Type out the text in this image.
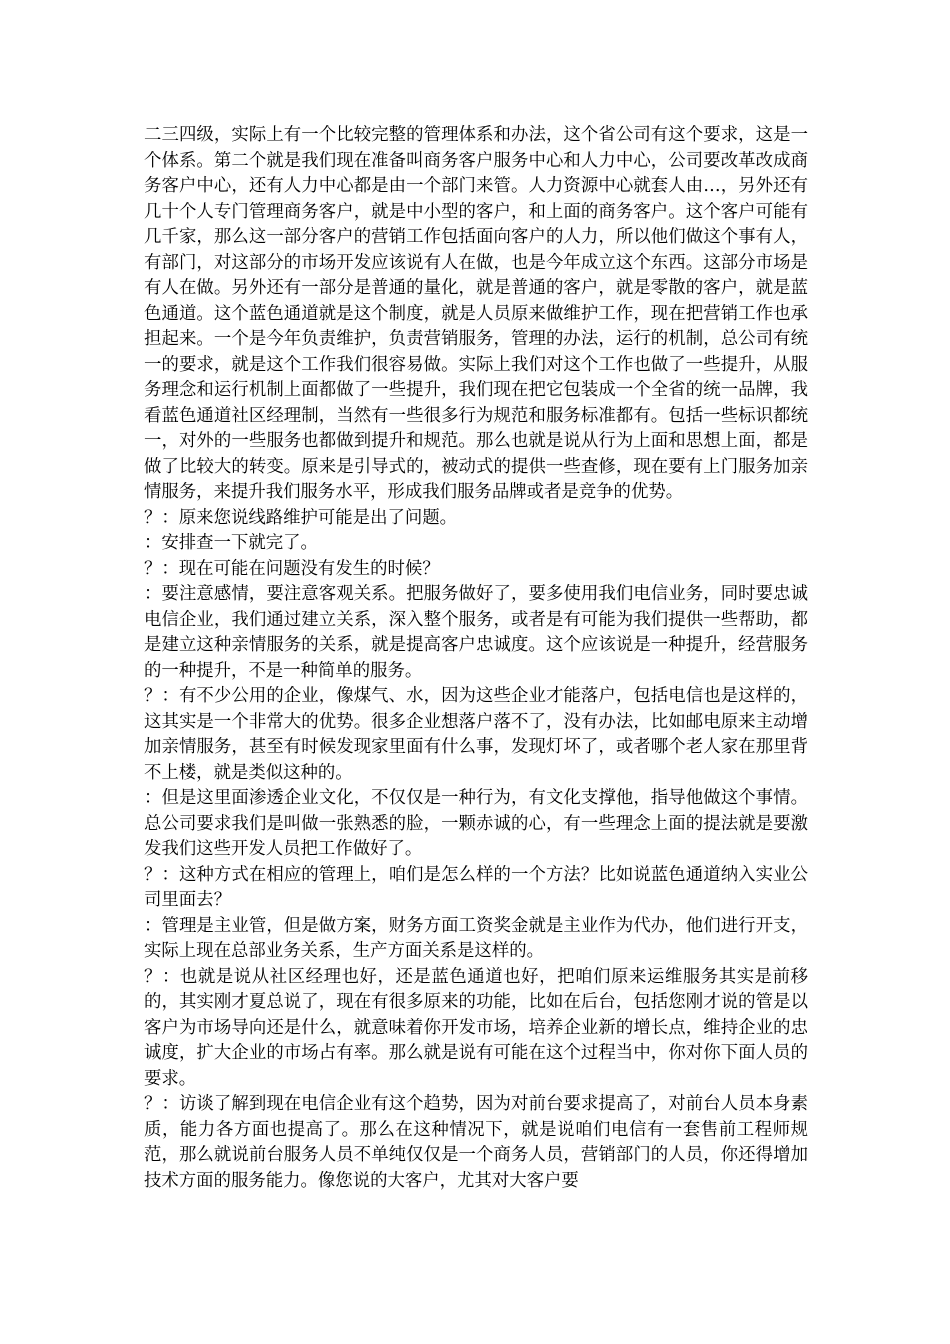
二三四级，实际上有一个比较完整的管理体系和办法，这个省公司有这个要求，这是一个体系。第二个就是我们现在准备叫商务客户服务中心和人力中心，公司要改革改成商务客户中心，还有人力中心都是由一个部门来管。人力资源中心就套人由…，另外还有几十个人专门管理商务客户，就是中小型的客户，和上面的商务客户。这个客户可能有几千家，那么这一部分客户的营销工作包括面向客户的人力，所以他们做这个事有人，有部门，对这部分的市场开发应该说有人在做，也是今年成立这个东西。这部分市场是有人在做。另外还有一部分是普通的量化，就是普通的客户，就是零散的客户，就是蓝色通道。这个蓝色通道就是这个制度，就是人员原来做维护工作，现在把营销工作也承担起来。一个是今年负责维护，负责营销服务，管理的办法，运行的机制，总公司有统一的要求，就是这个工作我们很容易做。实际上我们对这个工作也做了一些提升，从服务理念和运行机制上面都做了一些提升，我们现在把它包装成一个全省的统一品牌，我看蓝色通道社区经理制，当然有一些很多行为规范和服务标准都有。包括一些标识都统一，对外的一些服务也都做到提升和规范。那么也就是说从行为上面和思想上面，都是做了比较大的转变。原来是引导式的，被动式的提供一些查修，现在要有上门服务加亲情服务，来提升我们服务水平，形成我们服务品牌或者是竞争的优势。

？：原来您说线路维护可能是出了问题。

：安排查一下就完了。

？：现在可能在问题没有发生的时候？

：要注意感情，要注意客观关系。把服务做好了，要多使用我们电信业务，同时要忠诚电信企业，我们通过建立关系，深入整个服务，或者是有可能为我们提供一些帮助，都是建立这种亲情服务的关系，就是提高客户忠诚度。这个应该说是一种提升，经营服务的一种提升，不是一种简单的服务。

？：有不少公用的企业，像煤气、水，因为这些企业才能落户，包括电信也是这样的，这其实是一个非常大的优势。很多企业想落户落不了，没有办法，比如邮电原来主动增加亲情服务，甚至有时候发现家里面有什么事，发现灯坏了，或者哪个老人家在那里背不上楼，就是类似这种的。

：但是这里面渗透企业文化，不仅仅是一种行为，有文化支撑他，指导他做这个事情。总公司要求我们是叫做一张熟悉的脸，一颗赤诚的心，有一些理念上面的提法就是要激发我们这些开发人员把工作做好了。

？：这种方式在相应的管理上，咱们是怎么样的一个方法？比如说蓝色通道纳入实业公司里面去？

：管理是主业管，但是做方案，财务方面工资奖金就是主业作为代办，他们进行开支，实际上现在总部业务关系，生产方面关系是这样的。

？：也就是说从社区经理也好，还是蓝色通道也好，把咱们原来运维服务其实是前移的，其实刚才夏总说了，现在有很多原来的功能，比如在后台，包括您刚才说的管是以客户为市场导向还是什么，就意味着你开发市场，培养企业新的增长点，维持企业的忠诚度，扩大企业的市场占有率。那么就是说有可能在这个过程当中，你对你下面人员的要求。

？：访谈了解到现在电信企业有这个趋势，因为对前台要求提高了，对前台人员本身素质，能力各方面也提高了。那么在这种情况下，就是说咱们电信有一套售前工程师规范，那么就说前台服务人员不单纯仅仅是一个商务人员，营销部门的人员，你还得增加技术方面的服务能力。像您说的大客户，尤其对大客户要
